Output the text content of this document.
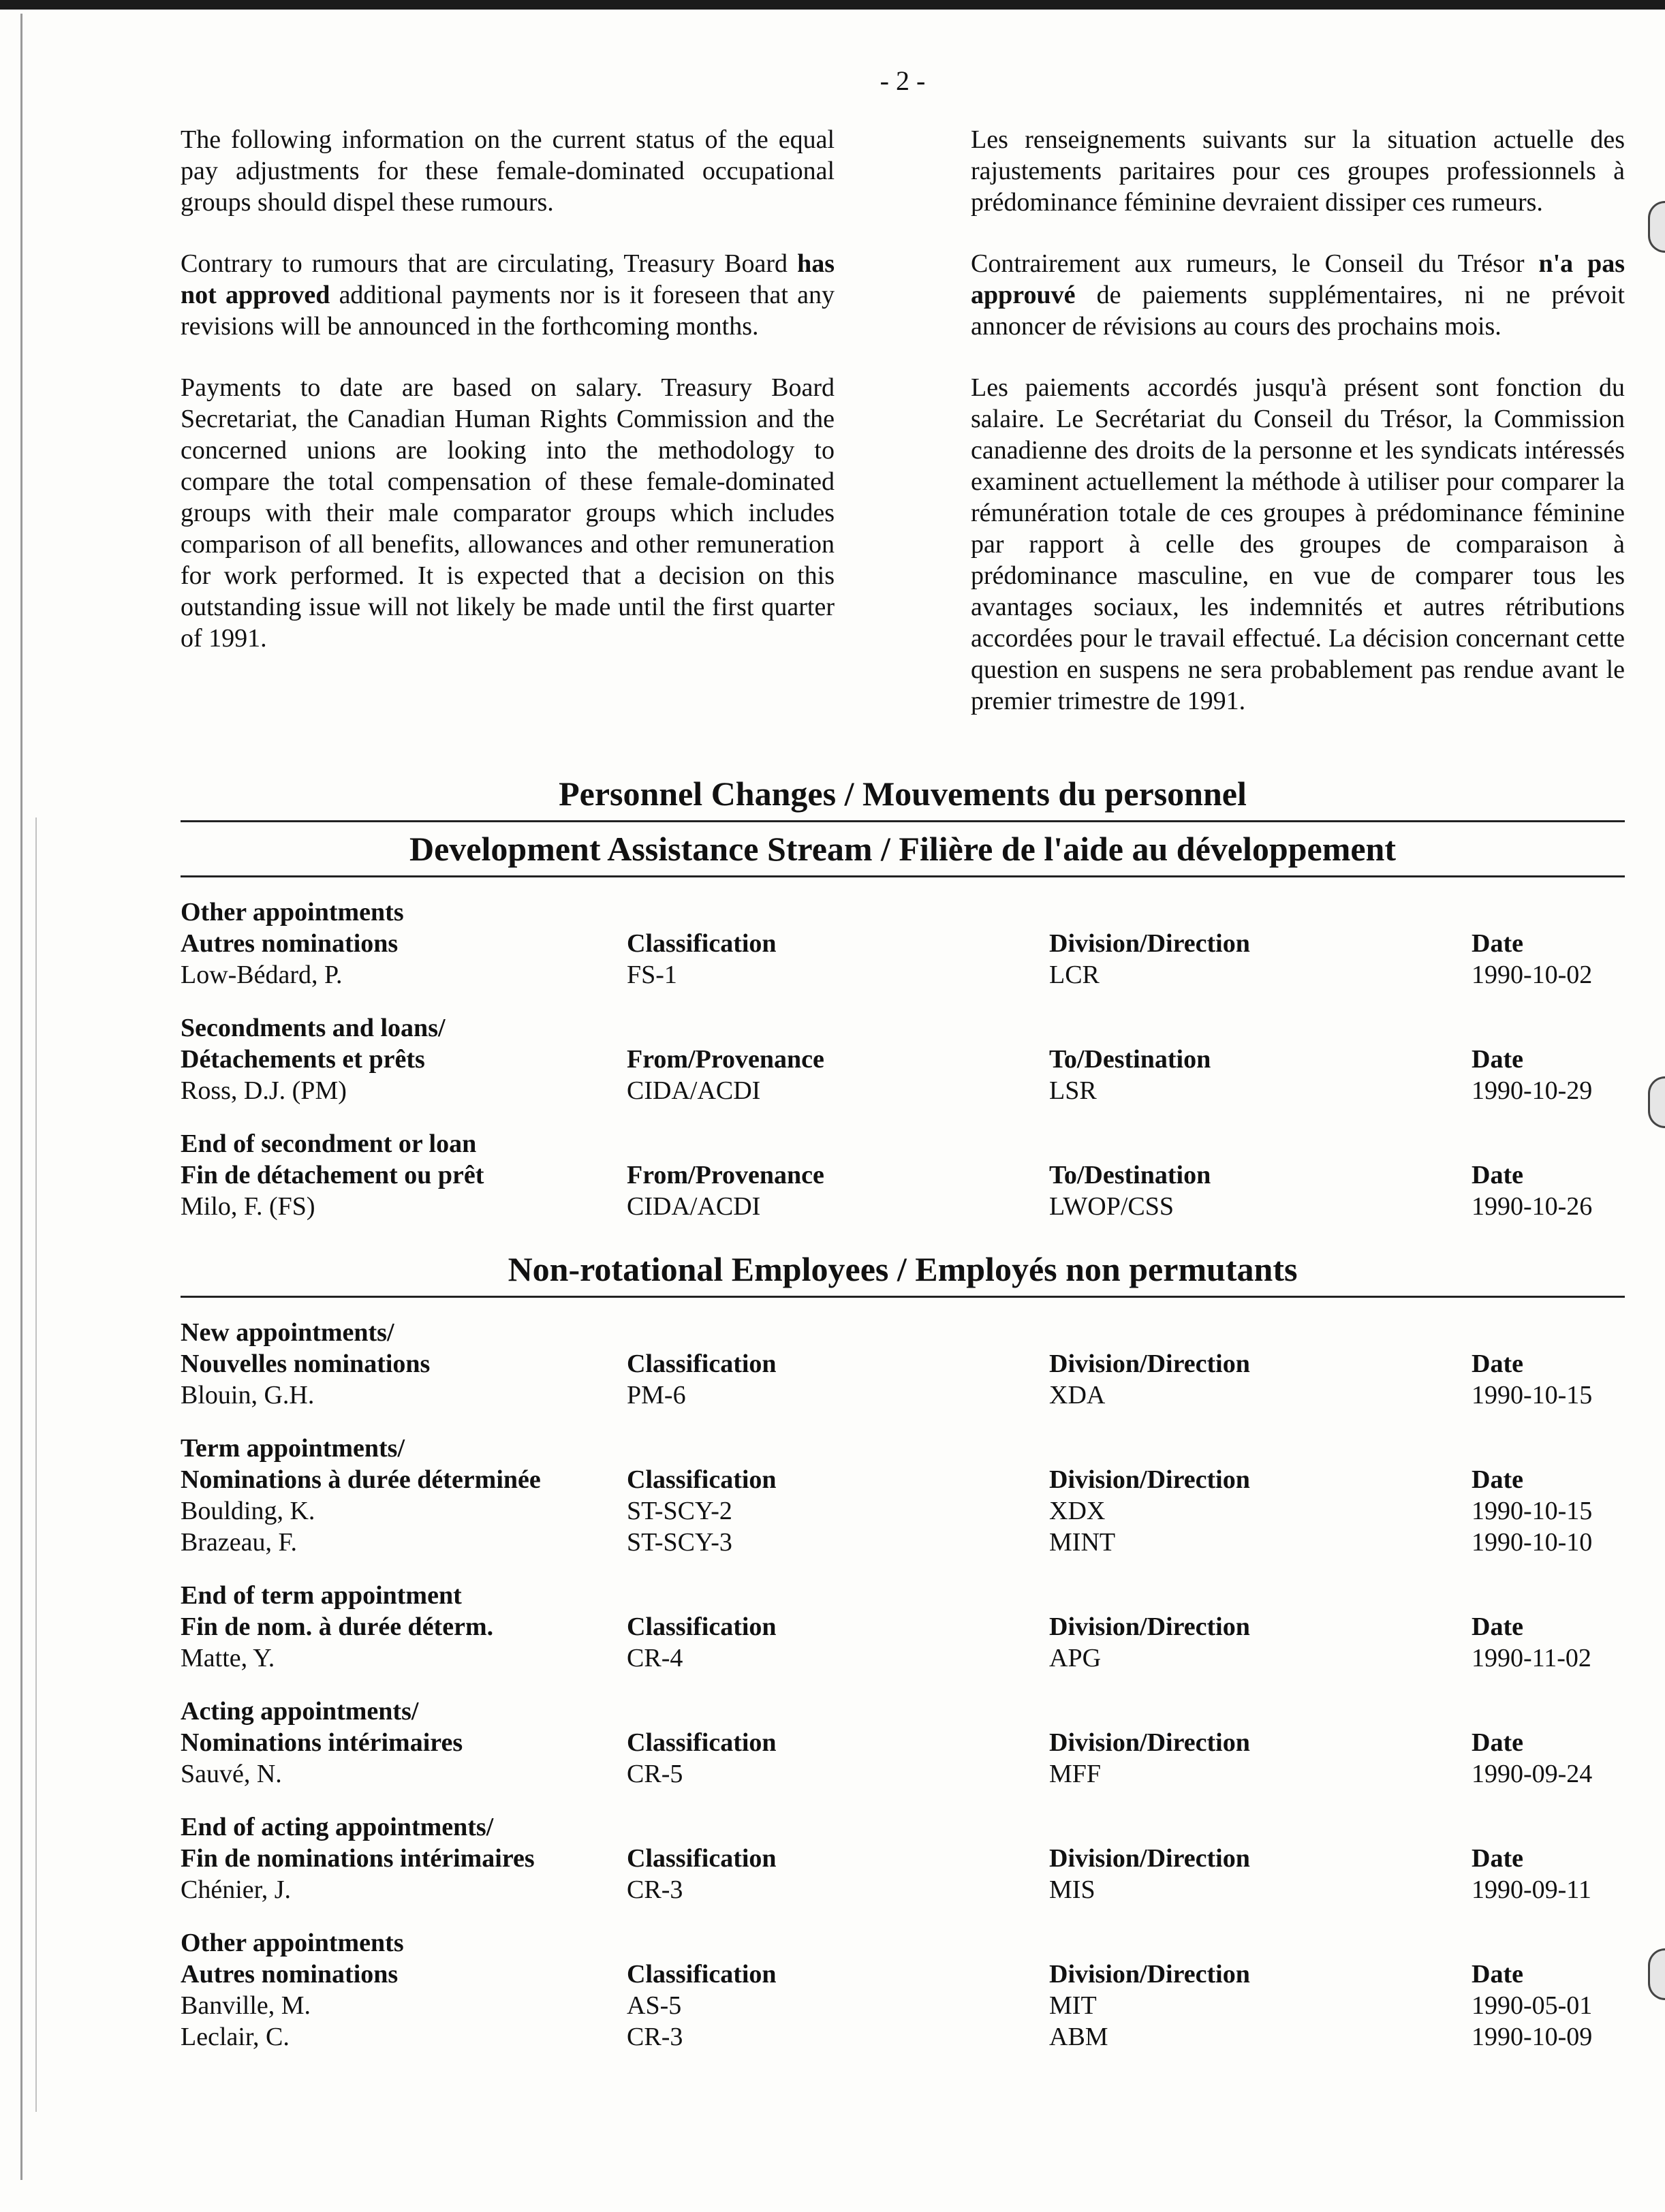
- 2 -

The following information on the current status of the equal pay adjustments for these female-dominated occupational groups should dispel these rumours.

Contrary to rumours that are circulating, Treasury Board has not approved additional payments nor is it foreseen that any revisions will be announced in the forthcoming months.

Payments to date are based on salary. Treasury Board Secretariat, the Canadian Human Rights Commission and the concerned unions are looking into the methodology to compare the total compensation of these female-dominated groups with their male comparator groups which includes comparison of all benefits, allowances and other remuneration for work performed. It is expected that a decision on this outstanding issue will not likely be made until the first quarter of 1991.

Les renseignements suivants sur la situation actuelle des rajustements paritaires pour ces groupes professionnels à prédominance féminine devraient dissiper ces rumeurs.

Contrairement aux rumeurs, le Conseil du Trésor n'a pas approuvé de paiements supplémentaires, ni ne prévoit annoncer de révisions au cours des prochains mois.

Les paiements accordés jusqu'à présent sont fonction du salaire. Le Secrétariat du Conseil du Trésor, la Commission canadienne des droits de la personne et les syndicats intéressés examinent actuellement la méthode à utiliser pour comparer la rémunération totale de ces groupes à prédominance féminine par rapport à celle des groupes de comparaison à prédominance masculine, en vue de comparer tous les avantages sociaux, les indemnités et autres rétributions accordées pour le travail effectué. La décision concernant cette question en suspens ne sera probablement pas rendue avant le premier trimestre de 1991.

Personnel Changes / Mouvements du personnel
Development Assistance Stream / Filière de l'aide au développement
Other appointments
Autres nominations	Classification	Division/Direction	Date
Low-Bédard, P.	FS-1	LCR	1990-10-02
Secondments and loans/
Détachements et prêts	From/Provenance	To/Destination	Date
Ross, D.J. (PM)	CIDA/ACDI	LSR	1990-10-29
End of secondment or loan
Fin de détachement ou prêt	From/Provenance	To/Destination	Date
Milo, F. (FS)	CIDA/ACDI	LWOP/CSS	1990-10-26
Non-rotational Employees / Employés non permutants
New appointments/
Nouvelles nominations	Classification	Division/Direction	Date
Blouin, G.H.	PM-6	XDA	1990-10-15
Term appointments/
Nominations à durée déterminée	Classification	Division/Direction	Date
Boulding, K.	ST-SCY-2	XDX	1990-10-15
Brazeau, F.	ST-SCY-3	MINT	1990-10-10
End of term appointment
Fin de nom. à durée déterm.	Classification	Division/Direction	Date
Matte, Y.	CR-4	APG	1990-11-02
Acting appointments/
Nominations intérimaires	Classification	Division/Direction	Date
Sauvé, N.	CR-5	MFF	1990-09-24
End of acting appointments/
Fin de nominations intérimaires	Classification	Division/Direction	Date
Chénier, J.	CR-3	MIS	1990-09-11
Other appointments
Autres nominations	Classification	Division/Direction	Date
Banville, M.	AS-5	MIT	1990-05-01
Leclair, C.	CR-3	ABM	1990-10-09
